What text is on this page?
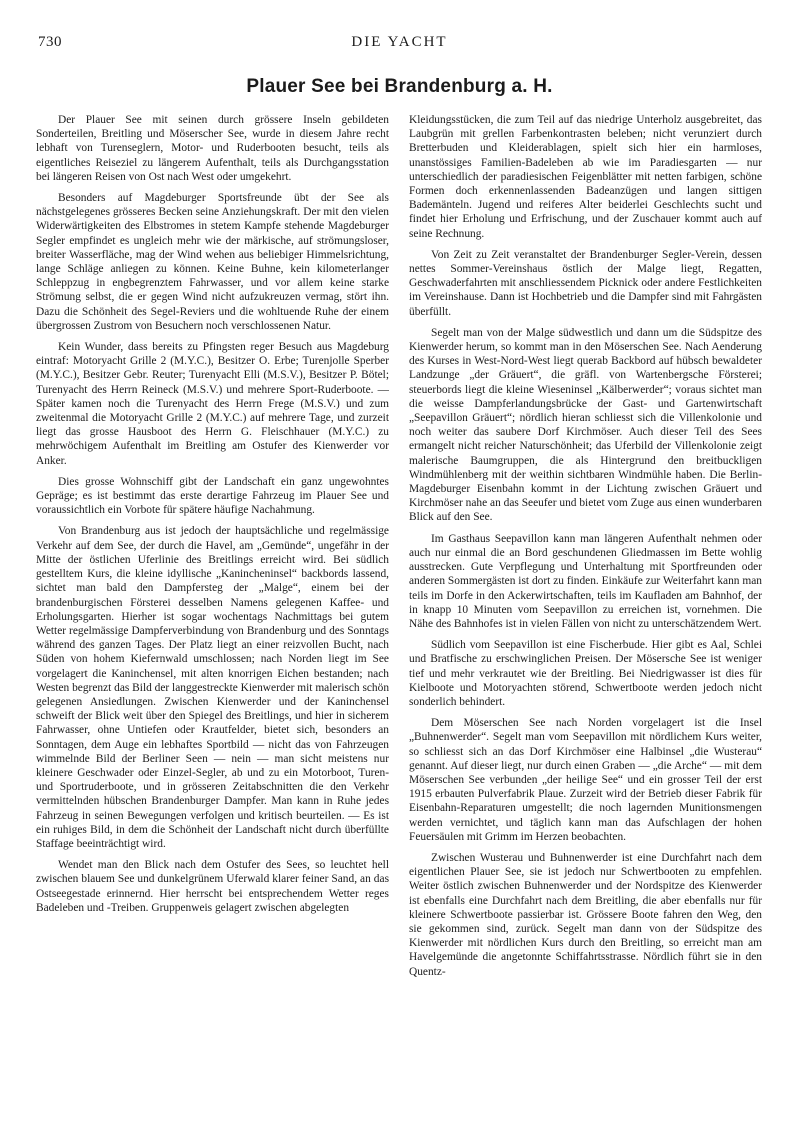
730	DIE YACHT
Plauer See bei Brandenburg a. H.

Der Plauer See mit seinen durch grössere Inseln gebildeten Sonderteilen, Breitling und Möserscher See, wurde in diesem Jahre recht lebhaft von Turenseglern, Motor- und Ruderbooten besucht, teils als eigentliches Reiseziel zu längerem Aufenthalt, teils als Durchgangsstation bei längeren Reisen von Ost nach West oder umgekehrt.

Besonders auf Magdeburger Sportsfreunde übt der See als nächstgelegenes grösseres Becken seine Anziehungskraft. Der mit den vielen Widerwärtigkeiten des Elbstromes in stetem Kampfe stehende Magdeburger Segler empfindet es ungleich mehr wie der märkische, auf strömungsloser, breiter Wasserfläche, mag der Wind wehen aus beliebiger Himmelsrichtung, lange Schläge anliegen zu können. Keine Buhne, kein kilometerlanger Schleppzug in engbegrenztem Fahrwasser, und vor allem keine starke Strömung selbst, die er gegen Wind nicht aufzukreuzen vermag, stört ihn. Dazu die Schönheit des Segel-Reviers und die wohltuende Ruhe der einem übergrossen Zustrom von Besuchern noch verschlossenen Natur.

Kein Wunder, dass bereits zu Pfingsten reger Besuch aus Magdeburg eintraf: Motoryacht Grille 2 (M.Y.C.), Besitzer O. Erbe; Turenjolle Sperber (M.Y.C.), Besitzer Gebr. Reuter; Turenyacht Elli (M.S.V.), Besitzer P. Bötel; Turenyacht des Herrn Reineck (M.S.V.) und mehrere Sport-Ruderboote. — Später kamen noch die Turenyacht des Herrn Frege (M.S.V.) und zum zweitenmal die Motoryacht Grille 2 (M.Y.C.) auf mehrere Tage, und zurzeit liegt das grosse Hausboot des Herrn G. Fleischhauer (M.Y.C.) zu mehrwöchigem Aufenthalt im Breitling am Ostufer des Kienwerder vor Anker.

Dies grosse Wohnschiff gibt der Landschaft ein ganz ungewohntes Gepräge; es ist bestimmt das erste derartige Fahrzeug im Plauer See und voraussichtlich ein Vorbote für spätere häufige Nachahmung.

Von Brandenburg aus ist jedoch der hauptsächliche und regelmässige Verkehr auf dem See, der durch die Havel, am „Gemünde“, ungefähr in der Mitte der östlichen Uferlinie des Breitlings erreicht wird. Bei südlich gestelltem Kurs, die kleine idyllische „Kanincheninsel“ backbords lassend, sichtet man bald den Dampfersteg der „Malge“, einem bei der brandenburgischen Försterei desselben Namens gelegenen Kaffee- und Erholungsgarten. Hierher ist sogar wochentags Nachmittags bei gutem Wetter regelmässige Dampferverbindung von Brandenburg und des Sonntags während des ganzen Tages. Der Platz liegt an einer reizvollen Bucht, nach Süden von hohem Kiefernwald umschlossen; nach Norden liegt im See vorgelagert die Kaninchensel, mit alten knorrigen Eichen bestanden; nach Westen begrenzt das Bild der langgestreckte Kienwerder mit malerisch schön gelegenen Ansiedlungen. Zwischen Kienwerder und der Kaninchensel schweift der Blick weit über den Spiegel des Breitlings, und hier in sicherem Fahrwasser, ohne Untiefen oder Krautfelder, bietet sich, besonders an Sonntagen, dem Auge ein lebhaftes Sportbild — nicht das von Fahrzeugen wimmelnde Bild der Berliner Seen — nein — man sicht meistens nur kleinere Geschwader oder Einzel-Segler, ab und zu ein Motorboot, Turen- und Sportruderboote, und in grösseren Zeitabschnitten die den Verkehr vermittelnden hübschen Brandenburger Dampfer. Man kann in Ruhe jedes Fahrzeug in seinen Bewegungen verfolgen und kritisch beurteilen. — Es ist ein ruhiges Bild, in dem die Schönheit der Landschaft nicht durch überfüllte Staffage beeinträchtigt wird.

Wendet man den Blick nach dem Ostufer des Sees, so leuchtet hell zwischen blauem See und dunkelgrünem Uferwald klarer feiner Sand, an das Ostseegestade erinnernd. Hier herrscht bei entsprechendem Wetter reges Badeleben und -Treiben. Gruppenweis gelagert zwischen abgelegten

Kleidungsstücken, die zum Teil auf das niedrige Unterholz ausgebreitet, das Laubgrün mit grellen Farbenkontrasten beleben; nicht verunziert durch Bretterbuden und Kleiderablagen, spielt sich hier ein harmloses, unanstössiges Familien-Badeleben ab wie im Paradiesgarten — nur unterschiedlich der paradiesischen Feigenblätter mit netten farbigen, schöne Formen doch erkennenlassenden Badeanzügen und langen sittigen Bademänteln. Jugend und reiferes Alter beiderlei Geschlechts sucht und findet hier Erholung und Erfrischung, und der Zuschauer kommt auch auf seine Rechnung.

Von Zeit zu Zeit veranstaltet der Brandenburger Segler-Verein, dessen nettes Sommer-Vereinshaus östlich der Malge liegt, Regatten, Geschwaderfahrten mit anschliessendem Picknick oder andere Festlichkeiten im Vereinshause. Dann ist Hochbetrieb und die Dampfer sind mit Fahrgästen überfüllt.

Segelt man von der Malge südwestlich und dann um die Südspitze des Kienwerder herum, so kommt man in den Möserschen See. Nach Aenderung des Kurses in West-Nord-West liegt querab Backbord auf hübsch bewaldeter Landzunge „der Gräuert“, die gräfl. von Wartenbergsche Försterei; steuerbords liegt die kleine Wieseninsel „Kälberwerder“; voraus sichtet man die weisse Dampferlandungsbrücke der Gast- und Gartenwirtschaft „Seepavillon Gräuert“; nördlich hieran schliesst sich die Villenkolonie und noch weiter das saubere Dorf Kirchmöser. Auch dieser Teil des Sees ermangelt nicht reicher Naturschönheit; das Uferbild der Villenkolonie zeigt malerische Baumgruppen, die als Hintergrund den breitbuckligen Windmühlenberg mit der weithin sichtbaren Windmühle haben. Die Berlin-Magdeburger Eisenbahn kommt in der Lichtung zwischen Gräuert und Kirchmöser nahe an das Seeufer und bietet vom Zuge aus einen wunderbaren Blick auf den See.

Im Gasthaus Seepavillon kann man längeren Aufenthalt nehmen oder auch nur einmal die an Bord geschundenen Gliedmassen im Bette wohlig ausstrecken. Gute Verpflegung und Unterhaltung mit Sportfreunden oder anderen Sommergästen ist dort zu finden. Einkäufe zur Weiterfahrt kann man teils im Dorfe in den Ackerwirtschaften, teils im Kaufladen am Bahnhof, der in knapp 10 Minuten vom Seepavillon zu erreichen ist, vornehmen. Die Nähe des Bahnhofes ist in vielen Fällen von nicht zu unterschätzendem Wert.

Südlich vom Seepavillon ist eine Fischerbude. Hier gibt es Aal, Schlei und Bratfische zu erschwinglichen Preisen. Der Mösersche See ist weniger tief und mehr verkrautet wie der Breitling. Bei Niedrigwasser ist dies für Kielboote und Motoryachten störend, Schwertboote werden jedoch nicht sonderlich behindert.

Dem Möserschen See nach Norden vorgelagert ist die Insel „Buhnenwerder“. Segelt man vom Seepavillon mit nördlichem Kurs weiter, so schliesst sich an das Dorf Kirchmöser eine Halbinsel „die Wusterau“ genannt. Auf dieser liegt, nur durch einen Graben — „die Arche“ — mit dem Möserschen See verbunden „der heilige See“ und ein grosser Teil der erst 1915 erbauten Pulverfabrik Plaue. Zurzeit wird der Betrieb dieser Fabrik für Eisenbahn-Reparaturen umgestellt; die noch lagernden Munitionsmengen werden vernichtet, und täglich kann man das Aufschlagen der hohen Feuersäulen mit Grimm im Herzen beobachten.

Zwischen Wusterau und Buhnenwerder ist eine Durchfahrt nach dem eigentlichen Plauer See, sie ist jedoch nur Schwertbooten zu empfehlen. Weiter östlich zwischen Buhnenwerder und der Nordspitze des Kienwerder ist ebenfalls eine Durchfahrt nach dem Breitling, die aber ebenfalls nur für kleinere Schwertboote passierbar ist. Grössere Boote fahren den Weg, den sie gekommen sind, zurück. Segelt man dann von der Südspitze des Kienwerder mit nördlichen Kurs durch den Breitling, so erreicht man am Havelgemünde die angetonnte Schiffahrtsstrasse. Nördlich führt sie in den Quentz-
